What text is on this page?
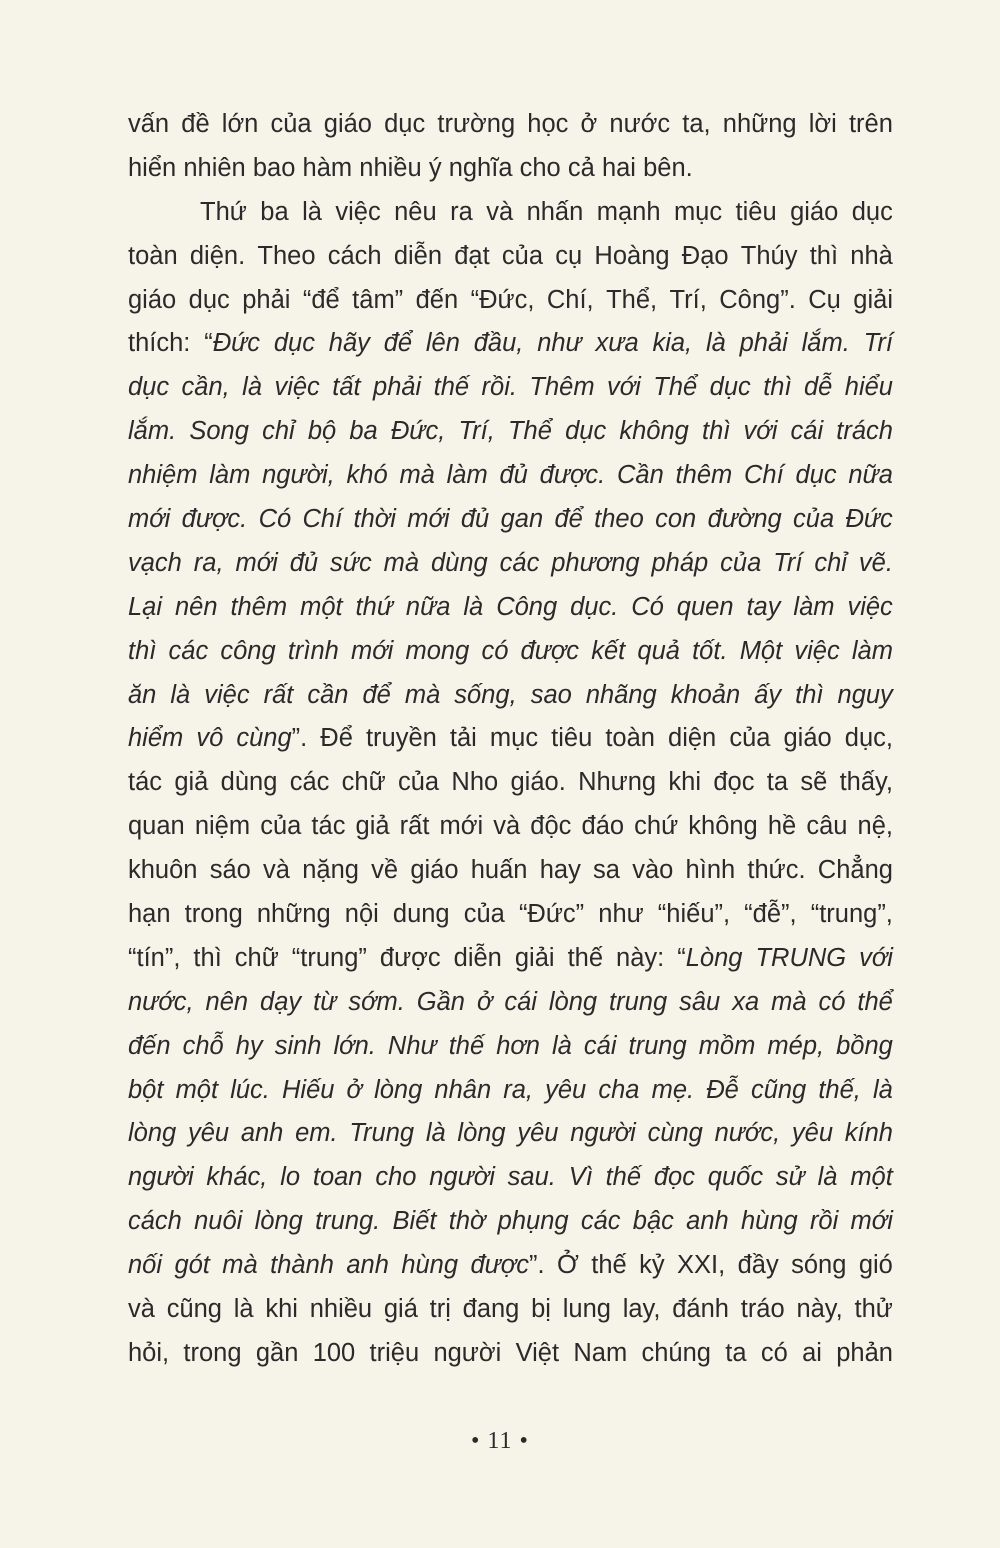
vấn đề lớn của giáo dục trường học ở nước ta, những lời trên
hiển nhiên bao hàm nhiều ý nghĩa cho cả hai bên.
Thứ ba là việc nêu ra và nhấn mạnh mục tiêu giáo dục
toàn diện. Theo cách diễn đạt của cụ Hoàng Đạo Thúy thì nhà
giáo dục phải “để tâm” đến “Đức, Chí, Thể, Trí, Công”. Cụ giải
thích: “Đức dục hãy để lên đầu, như xưa kia, là phải lắm. Trí
dục cần, là việc tất phải thế rồi. Thêm với Thể dục thì dễ hiểu
lắm. Song chỉ bộ ba Đức, Trí, Thể dục không thì với cái trách
nhiệm làm người, khó mà làm đủ được. Cần thêm Chí dục nữa
mới được. Có Chí thời mới đủ gan để theo con đường của Đức
vạch ra, mới đủ sức mà dùng các phương pháp của Trí chỉ vẽ.
Lại nên thêm một thứ nữa là Công dục. Có quen tay làm việc
thì các công trình mới mong có được kết quả tốt. Một việc làm
ăn là việc rất cần để mà sống, sao nhãng khoản ấy thì nguy
hiểm vô cùng”. Để truyền tải mục tiêu toàn diện của giáo dục,
tác giả dùng các chữ của Nho giáo. Nhưng khi đọc ta sẽ thấy,
quan niệm của tác giả rất mới và độc đáo chứ không hề câu nệ,
khuôn sáo và nặng về giáo huấn hay sa vào hình thức. Chẳng
hạn trong những nội dung của “Đức” như “hiếu”, “đễ”, “trung”,
“tín”, thì chữ “trung” được diễn giải thế này: “Lòng TRUNG với
nước, nên dạy từ sớm. Gần ở cái lòng trung sâu xa mà có thể
đến chỗ hy sinh lớn. Như thế hơn là cái trung mồm mép, bồng
bột một lúc. Hiếu ở lòng nhân ra, yêu cha mẹ. Đễ cũng thế, là
lòng yêu anh em. Trung là lòng yêu người cùng nước, yêu kính
người khác, lo toan cho người sau. Vì thế đọc quốc sử là một
cách nuôi lòng trung. Biết thờ phụng các bậc anh hùng rồi mới
nối gót mà thành anh hùng được”. Ở thế kỷ XXI, đầy sóng gió
và cũng là khi nhiều giá trị đang bị lung lay, đánh tráo này, thử
hỏi, trong gần 100 triệu người Việt Nam chúng ta có ai phản
• 11 •
